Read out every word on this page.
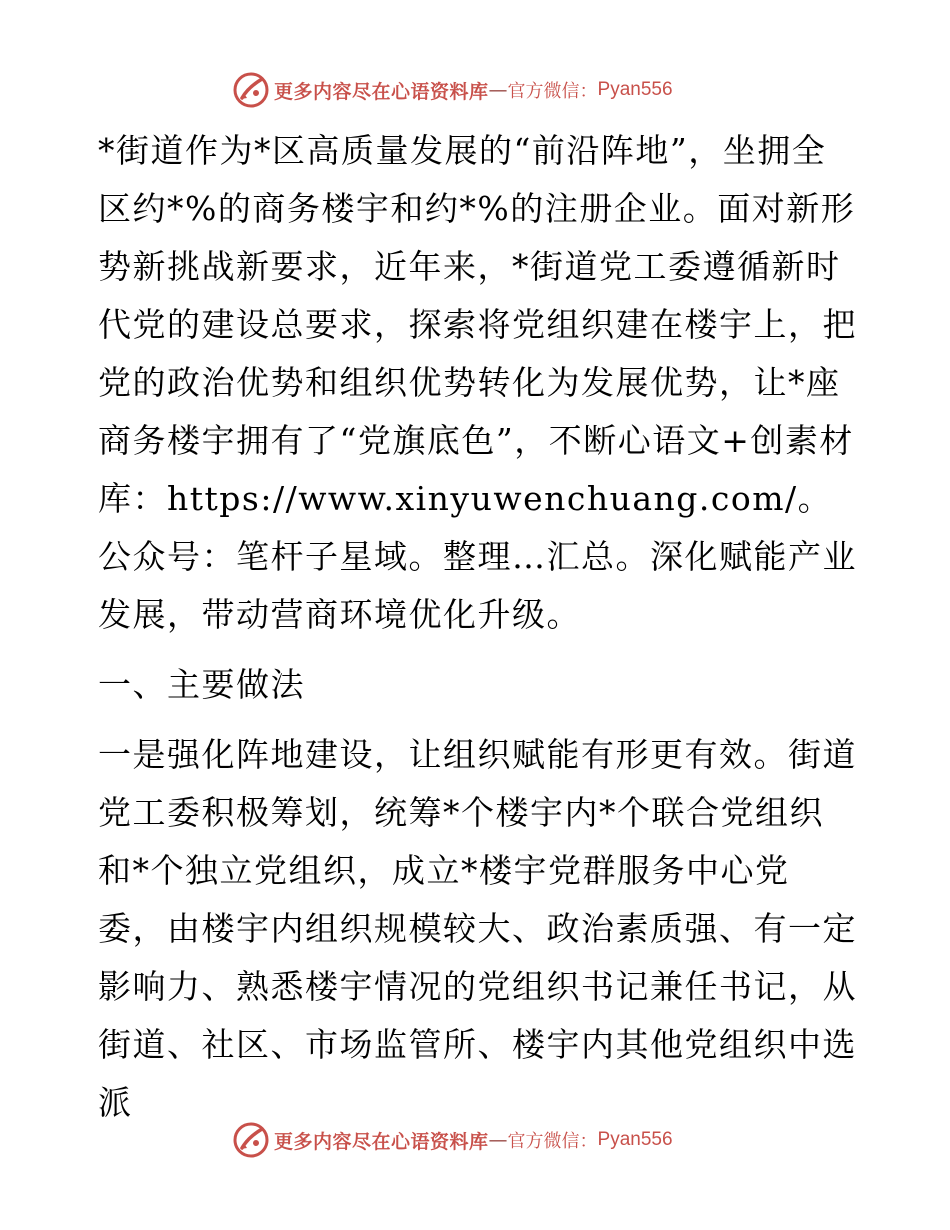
更多内容尽在心语资料库 — 官方微信： Pyan556

*街道作为*区高质量发展的“前沿阵地”，坐拥全区约*%的商务楼宇和约*%的注册企业。面对新形势新挑战新要求，近年来，*街道党工委遵循新时代党的建设总要求，探索将党组织建在楼宇上，把党的政治优势和组织优势转化为发展优势，让*座商务楼宇拥有了“党旗底色”，不断心语文+创素材库：https://www.xinyuwenchuang.com/。公众号：笔杆子星域。整理…汇总。深化赋能产业发展，带动营商环境优化升级。

一、主要做法

一是强化阵地建设，让组织赋能有形更有效。街道党工委积极筹划，统筹*个楼宇内*个联合党组织和*个独立党组织，成立*楼宇党群服务中心党委，由楼宇内组织规模较大、政治素质强、有一定影响力、熟悉楼宇情况的党组织书记兼任书记，从街道、社区、市场监管所、楼宇内其他党组织中选派

更多内容尽在心语资料库 — 官方微信： Pyan556
